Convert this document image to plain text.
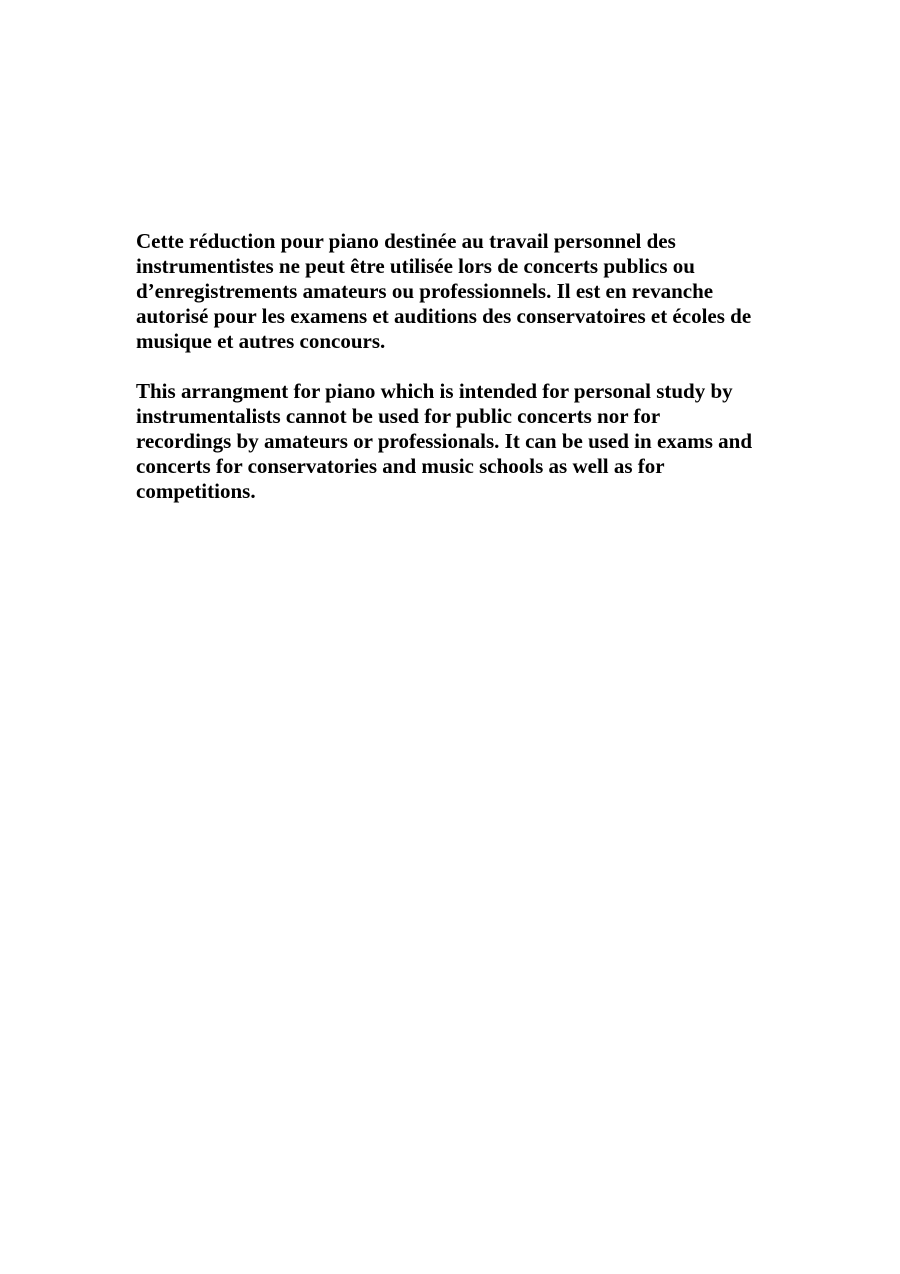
Cette réduction pour piano destinée au travail personnel des
instrumentistes ne peut être utilisée lors de concerts publics ou
d’enregistrements amateurs ou professionnels. Il est en revanche
autorisé pour les examens et auditions des conservatoires et écoles de
musique et autres concours.

This arrangment for piano which is intended for personal study by
instrumentalists cannot be used for public concerts nor for
recordings by amateurs or professionals. It can be used in exams and
concerts for conservatories and music schools as well as for
competitions.
